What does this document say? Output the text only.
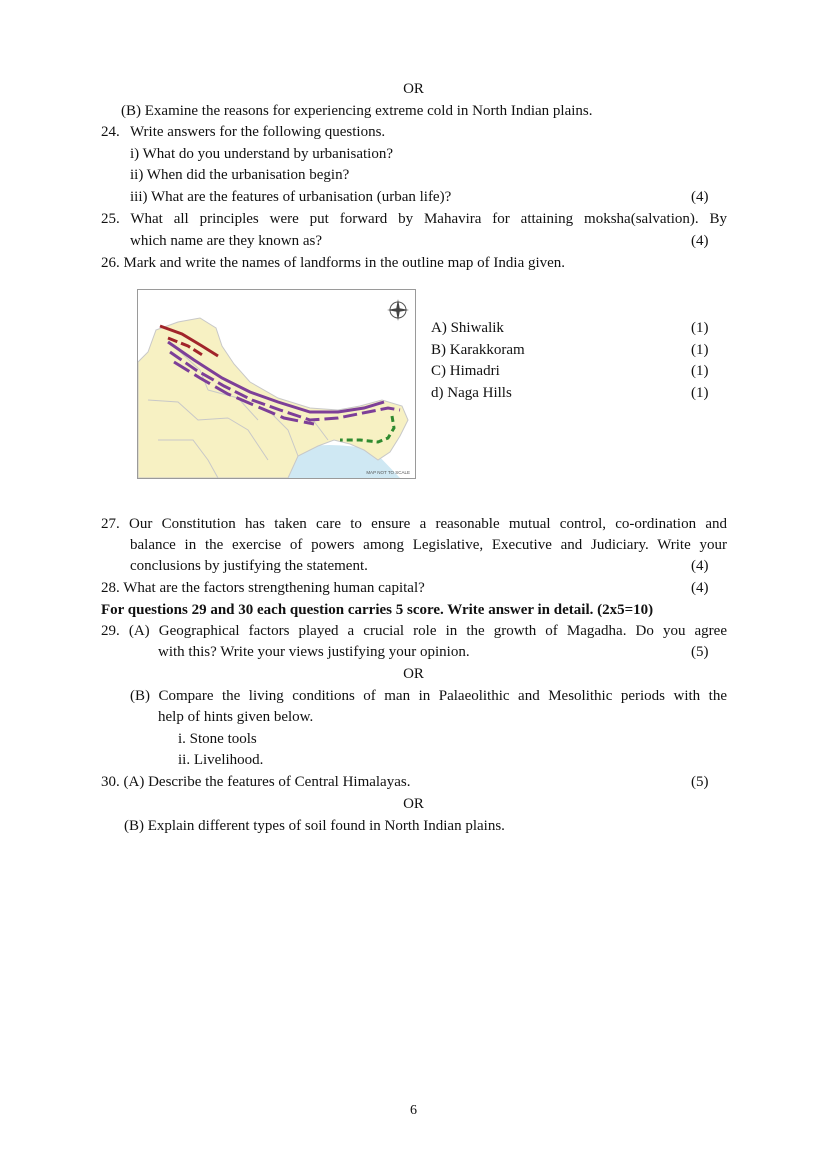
OR
(B) Examine the reasons for experiencing extreme cold in North Indian plains.
24. Write answers for the following questions.
i) What do you understand by urbanisation?
ii) When did the urbanisation begin?
iii) What are the features of urbanisation (urban life)?	(4)
25. What all principles were put forward by Mahavira for attaining moksha(salvation). By
which name are they known as?	(4)
26. Mark and write the names of landforms in the outline map of India given.
MAP NOT TO SCALE
A) Shiwalik	(1)
B) Karakkoram	(1)
C) Himadri	(1)
d) Naga Hills	(1)
27. Our Constitution has taken care to ensure a reasonable mutual control, co-ordination and
balance in the exercise of powers among Legislative, Executive and Judiciary. Write your
conclusions by justifying the statement.	(4)
28. What are the factors strengthening human capital?	(4)
For questions 29 and 30 each question carries 5 score. Write answer in detail. (2x5=10)
29. (A) Geographical factors played a crucial role in the growth of Magadha. Do you agree
with this? Write your views justifying your opinion.	(5)
OR
(B) Compare the living conditions of man in Palaeolithic and Mesolithic periods with the
help of hints given below.
i. Stone tools
ii. Livelihood.
30. (A) Describe the features of Central Himalayas.	(5)
OR
(B) Explain different types of soil found in North Indian plains.
6
